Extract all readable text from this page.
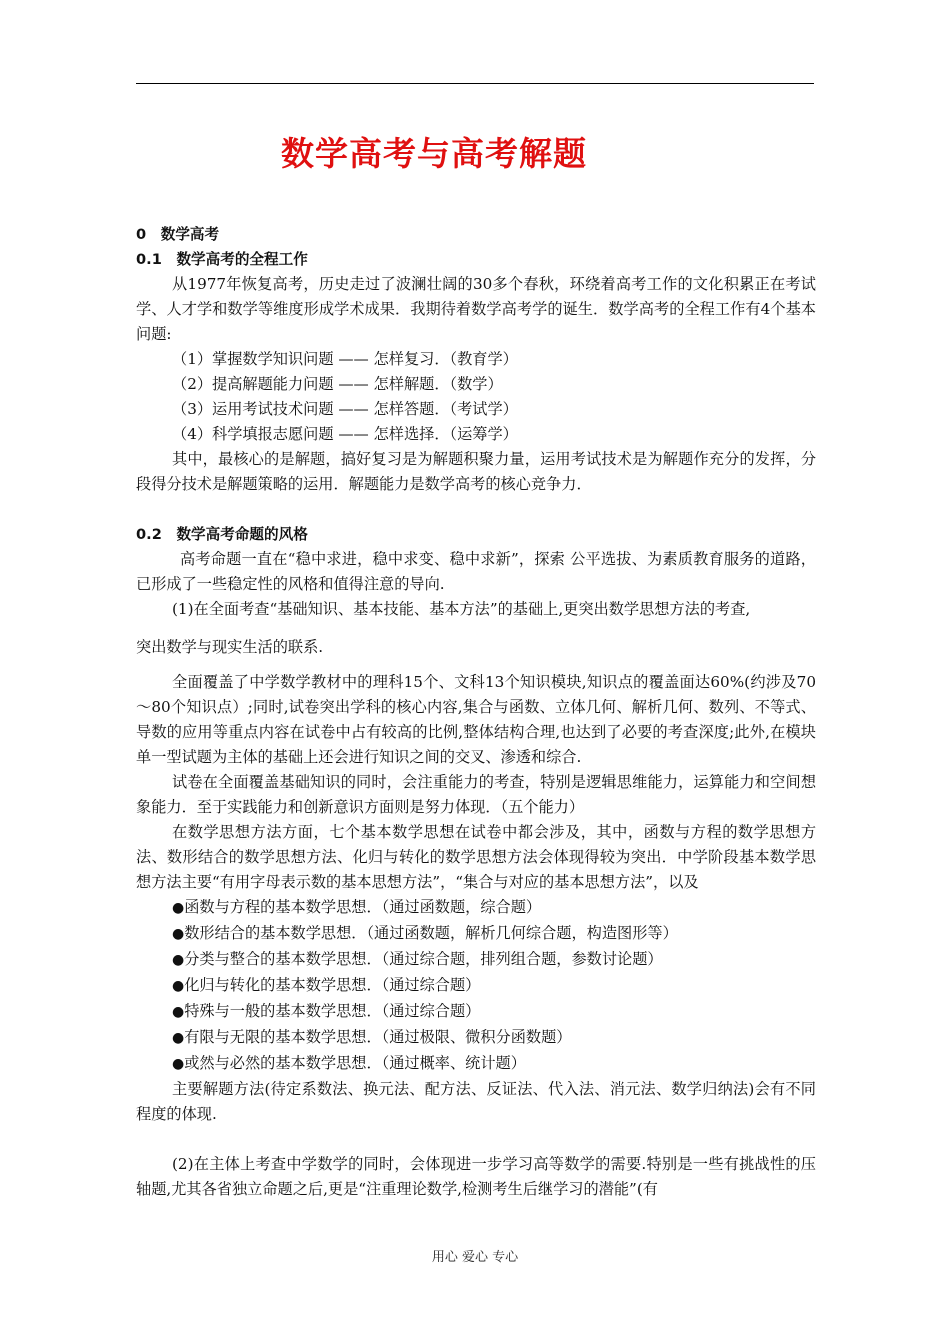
数学高考与高考解题
0　数学高考
0.1　数学高考的全程工作

从1977年恢复高考，历史走过了波澜壮阔的30多个春秋，环绕着高考工作的文化积累正在考试学、人才学和数学等维度形成学术成果．我期待着数学高考学的诞生．数学高考的全程工作有4个基本问题:

（1）掌握数学知识问题 —— 怎样复习．（教育学）

（2）提高解题能力问题 —— 怎样解题．（数学）

（3）运用考试技术问题 —— 怎样答题．（考试学）

（4）科学填报志愿问题 —— 怎样选择．（运筹学）

其中，最核心的是解题，搞好复习是为解题积聚力量，运用考试技术是为解题作充分的发挥，分段得分技术是解题策略的运用．解题能力是数学高考的核心竞争力．

0.2　数学高考命题的风格

高考命题一直在“稳中求进，稳中求变、稳中求新”，探索 公平选拔、为素质教育服务的道路，已形成了一些稳定性的风格和值得注意的导向.

(1)在全面考查“基础知识、基本技能、基本方法”的基础上,更突出数学思想方法的考查,

突出数学与现实生活的联系.

全面覆盖了中学数学教材中的理科15个、文科13个知识模块,知识点的覆盖面达60%(约涉及70～80个知识点）;同时,试卷突出学科的核心内容,集合与函数、立体几何、解析几何、数列、不等式、导数的应用等重点内容在试卷中占有较高的比例,整体结构合理,也达到了必要的考查深度;此外,在模块单一型试题为主体的基础上还会进行知识之间的交叉、渗透和综合.

试卷在全面覆盖基础知识的同时，会注重能力的考查，特别是逻辑思维能力，运算能力和空间想象能力．至于实践能力和创新意识方面则是努力体现．（五个能力）

在数学思想方法方面，七个基本数学思想在试卷中都会涉及，其中，函数与方程的数学思想方法、数形结合的数学思想方法、化归与转化的数学思想方法会体现得较为突出．中学阶段基本数学思想方法主要“有用字母表示数的基本思想方法”，“集合与对应的基本思想方法”，以及

●函数与方程的基本数学思想．（通过函数题，综合题）

●数形结合的基本数学思想．（通过函数题，解析几何综合题，构造图形等）

●分类与整合的基本数学思想．（通过综合题，排列组合题，参数讨论题）

●化归与转化的基本数学思想．（通过综合题）

●特殊与一般的基本数学思想．（通过综合题）

●有限与无限的基本数学思想．（通过极限、微积分函数题）

●或然与必然的基本数学思想．（通过概率、统计题）

主要解题方法(待定系数法、换元法、配方法、反证法、代入法、消元法、数学归纳法)会有不同程度的体现.

(2)在主体上考查中学数学的同时，会体现进一步学习高等数学的需要.特别是一些有挑战性的压轴题,尤其各省独立命题之后,更是“注重理论数学,检测考生后继学习的潜能”(有

用心 爱心 专心
